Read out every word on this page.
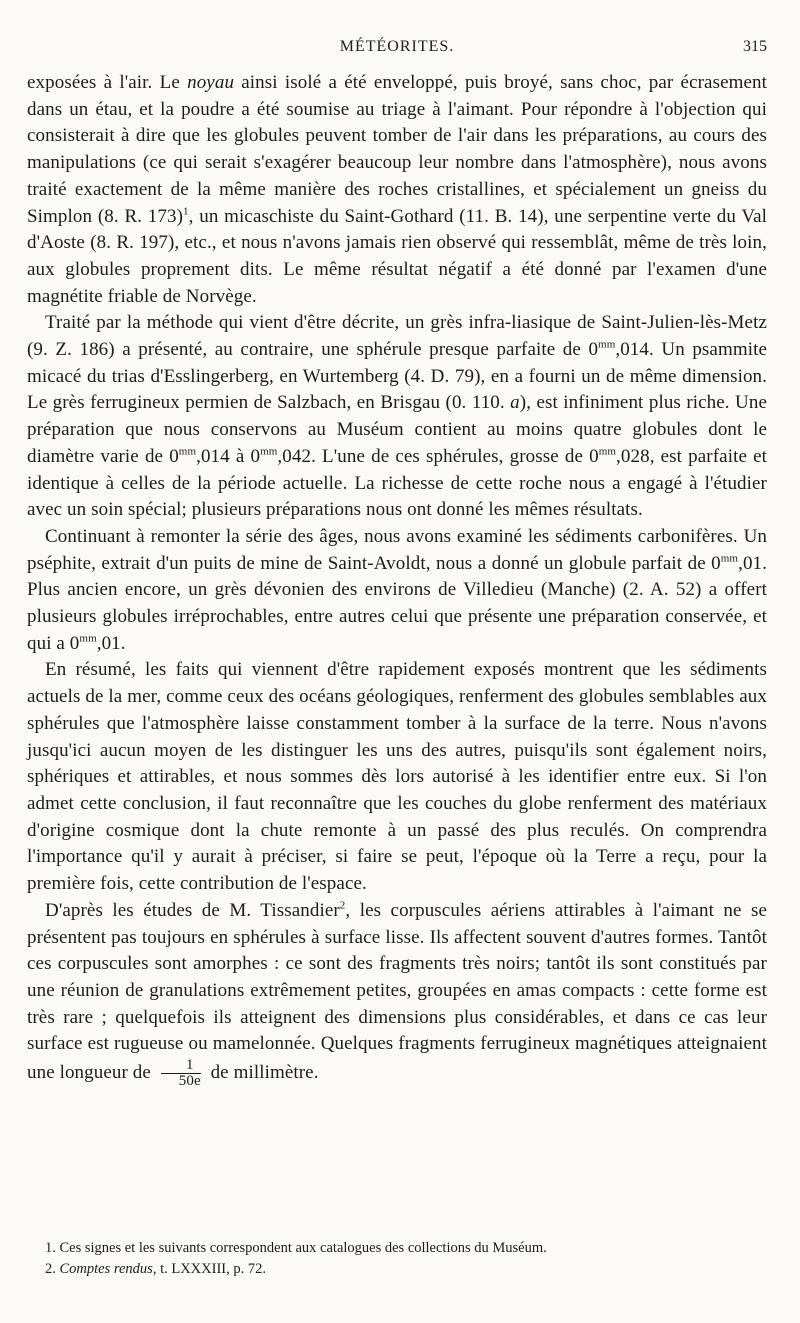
MÉTÉORITES.	315

exposées à l'air. Le noyau ainsi isolé a été enveloppé, puis broyé, sans choc, par écrasement dans un étau, et la poudre a été soumise au triage à l'aimant. Pour répondre à l'objection qui consisterait à dire que les globules peuvent tomber de l'air dans les préparations, au cours des manipulations (ce qui serait s'exagérer beaucoup leur nombre dans l'atmosphère), nous avons traité exactement de la même manière des roches cristallines, et spécialement un gneiss du Simplon (8. R. 173)$^1$, un micaschiste du Saint-Gothard (11. B. 14), une serpentine verte du Val d'Aoste (8. R. 197), etc., et nous n'avons jamais rien observé qui ressemblât, même de très loin, aux globules proprement dits. Le même résultat négatif a été donné par l'examen d'une magnétite friable de Norvège.

Traité par la méthode qui vient d'être décrite, un grès infra-liasique de Saint-Julien-lès-Metz (9. Z. 186) a présenté, au contraire, une sphérule presque parfaite de $0^{mm},014$. Un psammite micacé du trias d'Esslingerberg, en Wurtemberg (4. D. 79), en a fourni un de même dimension. Le grès ferrugineux permien de Salzbach, en Brisgau (0. 110. a), est infiniment plus riche. Une préparation que nous conservons au Muséum contient au moins quatre globules dont le diamètre varie de $0^{mm},014$ à $0^{mm},042$. L'une de ces sphérules, grosse de $0^{mm},028$, est parfaite et identique à celles de la période actuelle. La richesse de cette roche nous a engagé à l'étudier avec un soin spécial; plusieurs préparations nous ont donné les mêmes résultats.

Continuant à remonter la série des âges, nous avons examiné les sédiments carbonifères. Un pséphite, extrait d'un puits de mine de Saint-Avoldt, nous a donné un globule parfait de $0^{mm},01$. Plus ancien encore, un grès dévonien des environs de Villedieu (Manche) (2. A. 52) a offert plusieurs globules irréprochables, entre autres celui que présente une préparation conservée, et qui a $0^{mm},01$.

En résumé, les faits qui viennent d'être rapidement exposés montrent que les sédiments actuels de la mer, comme ceux des océans géologiques, renferment des globules semblables aux sphérules que l'atmosphère laisse constamment tomber à la surface de la terre. Nous n'avons jusqu'ici aucun moyen de les distinguer les uns des autres, puisqu'ils sont également noirs, sphériques et attirables, et nous sommes dès lors autorisé à les identifier entre eux. Si l'on admet cette conclusion, il faut reconnaître que les couches du globe renferment des matériaux d'origine cosmique dont la chute remonte à un passé des plus reculés. On comprendra l'importance qu'il y aurait à préciser, si faire se peut, l'époque où la Terre a reçu, pour la première fois, cette contribution de l'espace.

D'après les études de M. Tissandier$^2$, les corpuscules aériens attirables à l'aimant ne se présentent pas toujours en sphérules à surface lisse. Ils affectent souvent d'autres formes. Tantôt ces corpuscules sont amorphes : ce sont des fragments très noirs; tantôt ils sont constitués par une réunion de granulations extrêmement petites, groupées en amas compacts : cette forme est très rare ; quelquefois ils atteignent des dimensions plus considérables, et dans ce cas leur surface est rugueuse ou mamelonnée. Quelques fragments ferrugineux magnétiques atteignaient une longueur de $\frac{1}{50e}$ de millimètre.

1. Ces signes et les suivants correspondent aux catalogues des collections du Muséum.
2. Comptes rendus, t. LXXXIII, p. 72.
